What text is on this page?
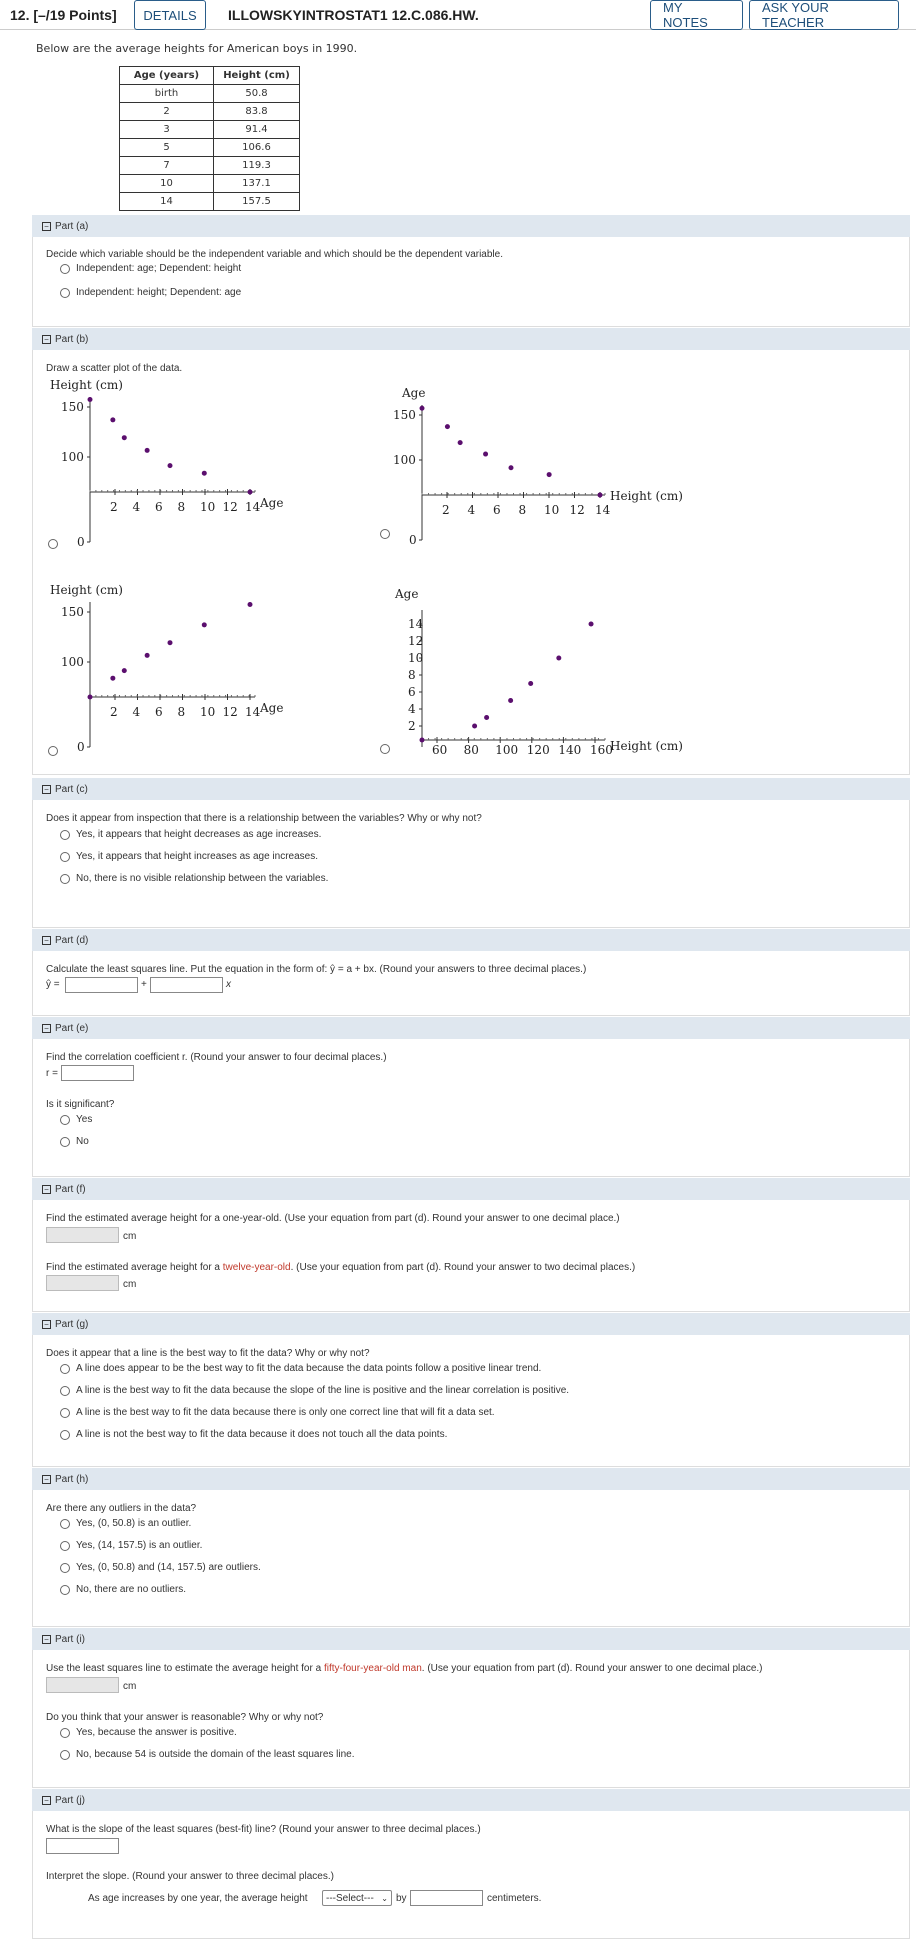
12. [–/19 Points]	DETAILS	ILLOWSKYINTROSTAT1 12.C.086.HW.	MY NOTES
ASK YOUR TEACHER
Below are the average heights for American boys in 1990.
Age (years)	Height (cm)
birth	50.8
2	83.8
3	91.4
5	106.6
7	119.3
10	137.1
14	157.5
− Part (a)
Decide which variable should be the independent variable and which should be the dependent variable.
Independent: age; Dependent: height
Independent: height; Dependent: age
− Part (b)
Draw a scatter plot of the data.
Height (cm)
Age
2 4 6 8 10 12 14
0
100
150
Age
Height (cm)
2 4 6 8 10 12 14
0
100
150
Height (cm)
Age
2 4 6 8 10 12 14
0
100
150
Age
Height (cm)
60 80 100 120 140 160
2
4
6
8
10
12
14
− Part (c)
Does it appear from inspection that there is a relationship between the variables? Why or why not?
Yes, it appears that height decreases as age increases.
Yes, it appears that height increases as age increases.
No, there is no visible relationship between the variables.
− Part (d)
Calculate the least squares line. Put the equation in the form of: ŷ = a + bx. (Round your answers to three decimal places.)
ŷ =	+	x
− Part (e)
Find the correlation coefficient r. (Round your answer to four decimal places.)
r =
Is it significant?
Yes
No
− Part (f)
Find the estimated average height for a one-year-old. (Use your equation from part (d). Round your answer to one decimal place.)
cm
Find the estimated average height for a twelve-year-old. (Use your equation from part (d). Round your answer to two decimal places.)
cm
− Part (g)
Does it appear that a line is the best way to fit the data? Why or why not?
A line does appear to be the best way to fit the data because the data points follow a positive linear trend.
A line is the best way to fit the data because the slope of the line is positive and the linear correlation is positive.
A line is the best way to fit the data because there is only one correct line that will fit a data set.
A line is not the best way to fit the data because it does not touch all the data points.
− Part (h)
Are there any outliers in the data?
Yes, (0, 50.8) is an outlier.
Yes, (14, 157.5) is an outlier.
Yes, (0, 50.8) and (14, 157.5) are outliers.
No, there are no outliers.
− Part (i)
Use the least squares line to estimate the average height for a fifty-four-year-old man. (Use your equation from part (d). Round your answer to one decimal place.)
cm
Do you think that your answer is reasonable? Why or why not?
Yes, because the answer is positive.
No, because 54 is outside the domain of the least squares line.
− Part (j)
What is the slope of the least squares (best-fit) line? (Round your answer to three decimal places.)
Interpret the slope. (Round your answer to three decimal places.)
As age increases by one year, the average height ---Select--- ⌄ by	centimeters.
